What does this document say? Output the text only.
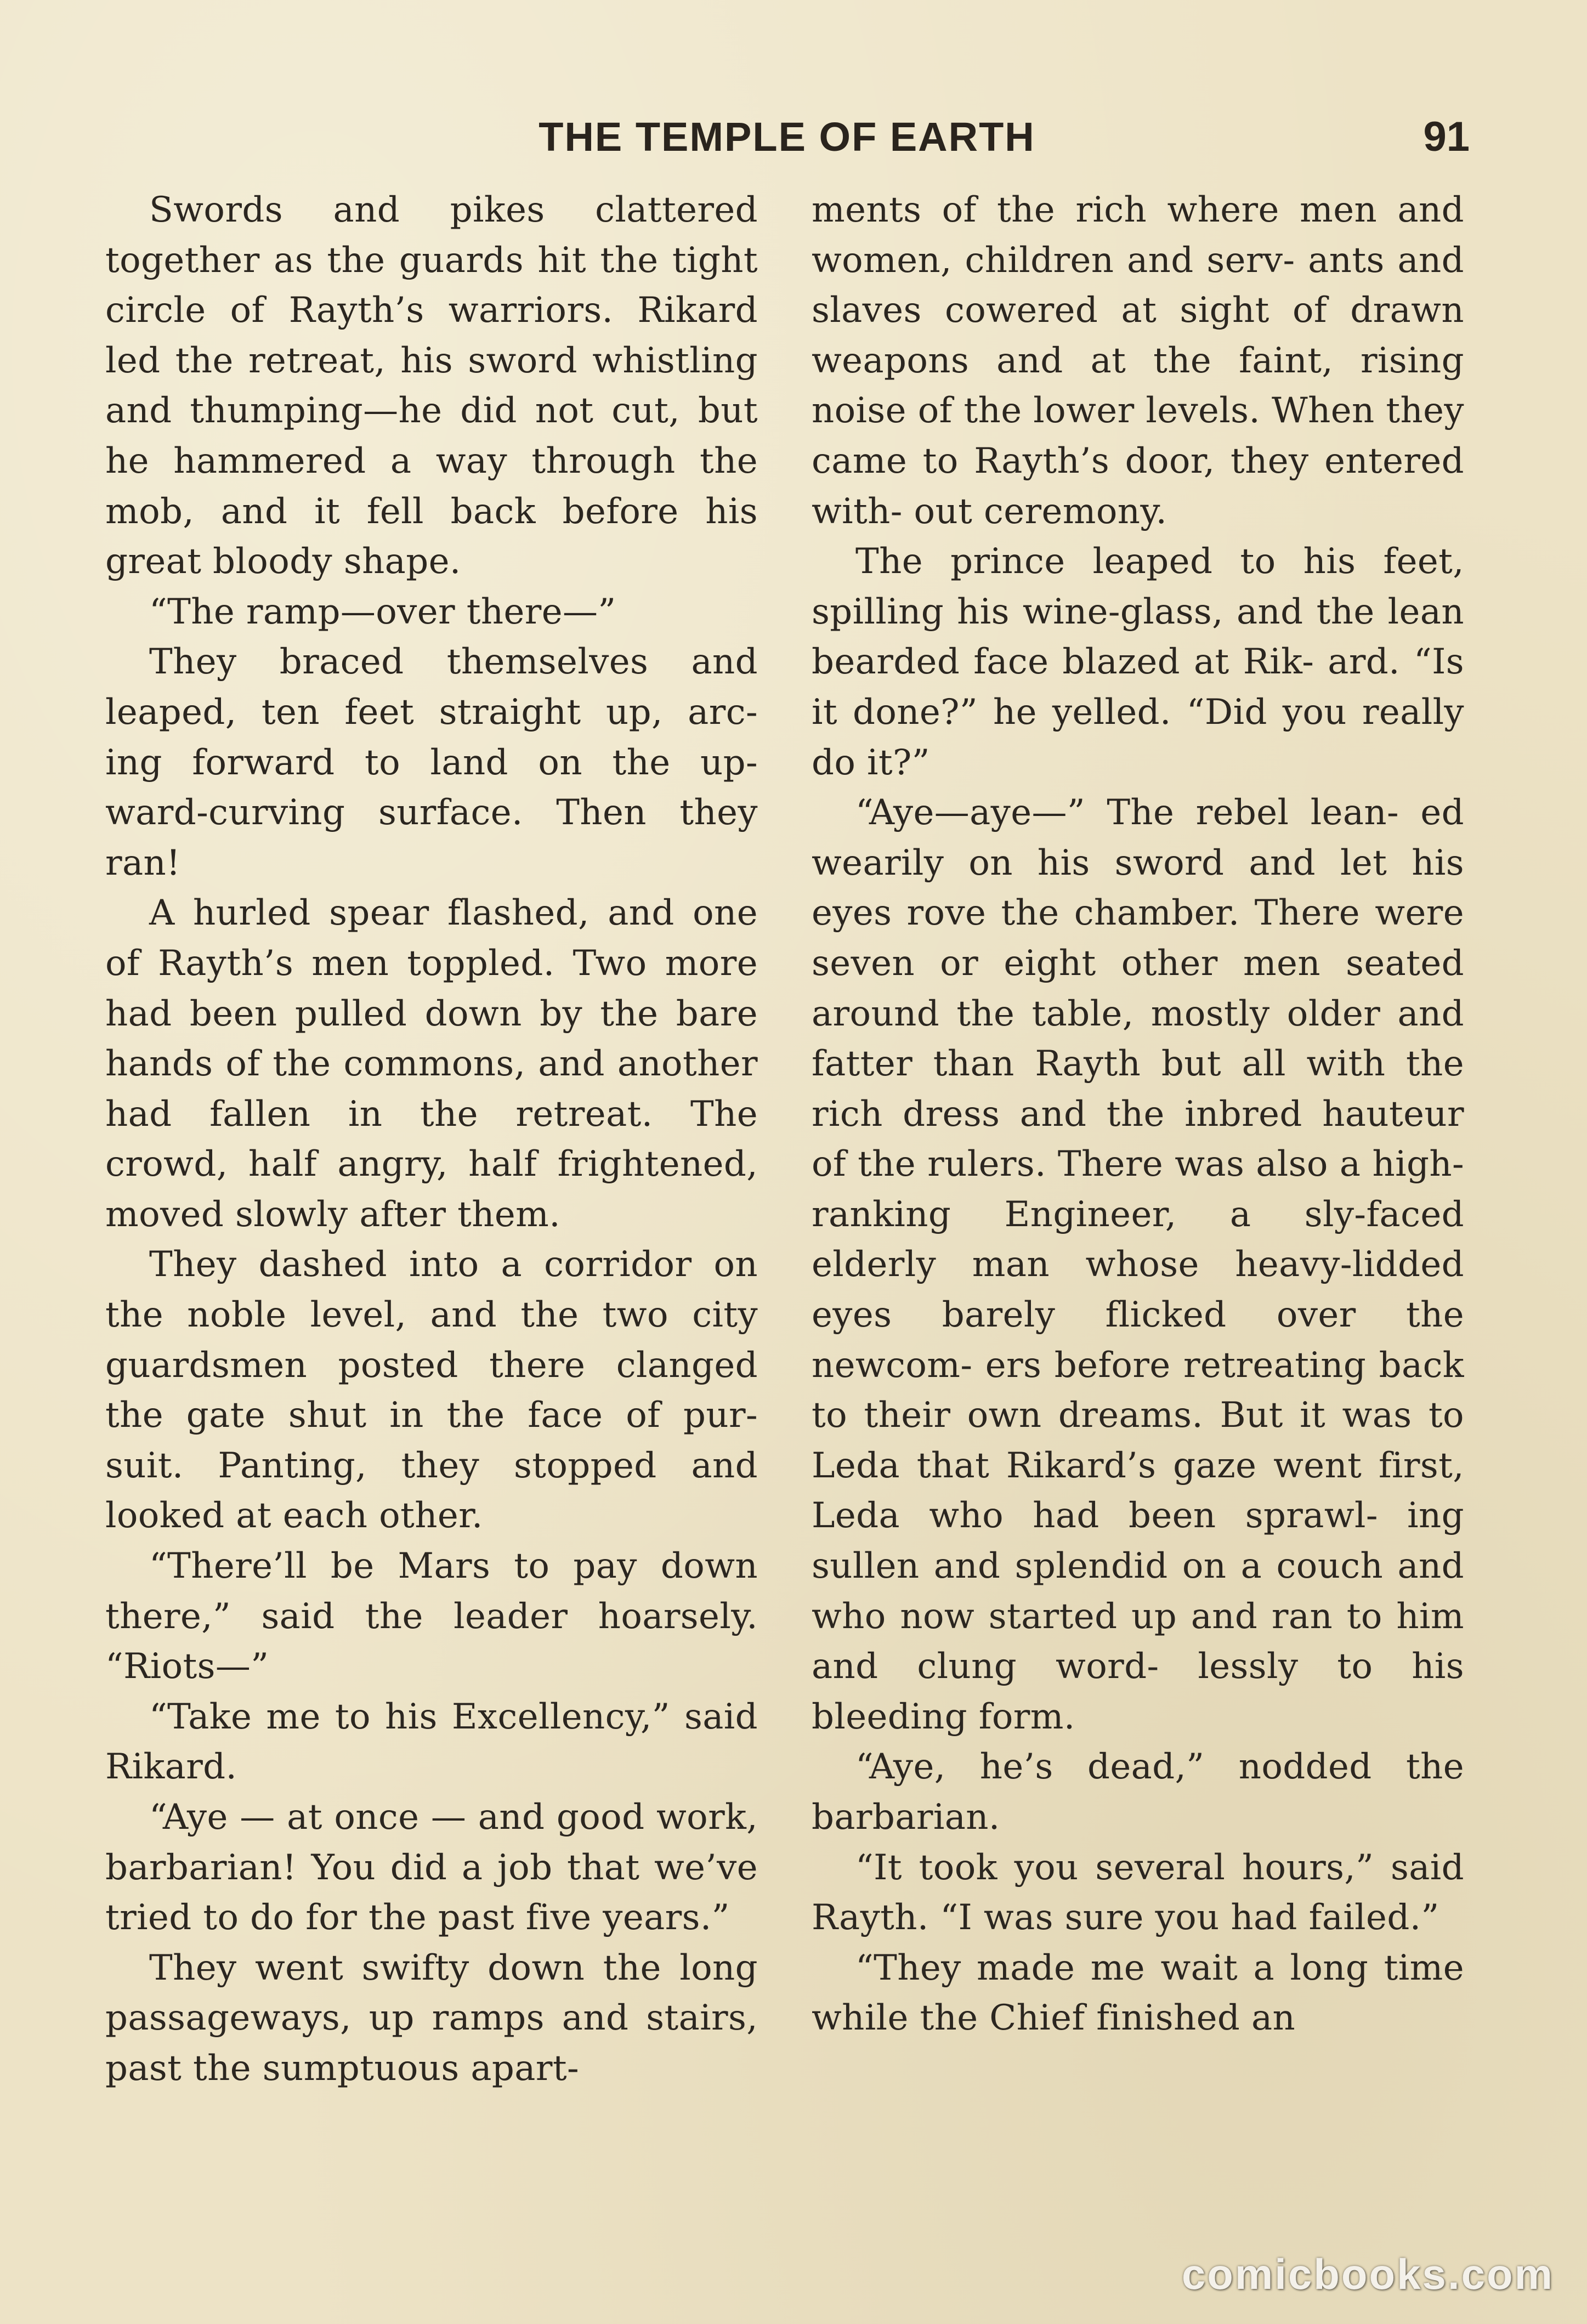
THE TEMPLE OF EARTH	91

Swords and pikes clattered together as the guards hit the tight circle of Rayth’s warriors. Rikard led the retreat, his sword whistling and thumping—he did not cut, but he hammered a way through the mob, and it fell back before his great bloody shape.

“The ramp—over there—”

They braced themselves and leaped, ten feet straight up, arc- ing forward to land on the up- ward-curving surface. Then they ran!

A hurled spear flashed, and one of Rayth’s men toppled. Two more had been pulled down by the bare hands of the commons, and another had fallen in the retreat. The crowd, half angry, half frightened, moved slowly after them.

They dashed into a corridor on the noble level, and the two city guardsmen posted there clanged the gate shut in the face of pur- suit. Panting, they stopped and looked at each other.

“There’ll be Mars to pay down there,” said the leader hoarsely. “Riots—”

“Take me to his Excellency,” said Rikard.

“Aye — at once — and good work, barbarian! You did a job that we’ve tried to do for the past five years.”

They went swifty down the long passageways, up ramps and stairs, past the sumptuous apart-

ments of the rich where men and women, children and serv- ants and slaves cowered at sight of drawn weapons and at the faint, rising noise of the lower levels. When they came to Rayth’s door, they entered with- out ceremony.

The prince leaped to his feet, spilling his wine-glass, and the lean bearded face blazed at Rik- ard. “Is it done?” he yelled. “Did you really do it?”

“Aye—aye—” The rebel lean- ed wearily on his sword and let his eyes rove the chamber. There were seven or eight other men seated around the table, mostly older and fatter than Rayth but all with the rich dress and the inbred hauteur of the rulers. There was also a high-ranking Engineer, a sly-faced elderly man whose heavy-lidded eyes barely flicked over the newcom- ers before retreating back to their own dreams. But it was to Leda that Rikard’s gaze went first, Leda who had been sprawl- ing sullen and splendid on a couch and who now started up and ran to him and clung word- lessly to his bleeding form.

“Aye, he’s dead,” nodded the barbarian.

“It took you several hours,” said Rayth. “I was sure you had failed.”

“They made me wait a long time while the Chief finished an

comicbooks.com
